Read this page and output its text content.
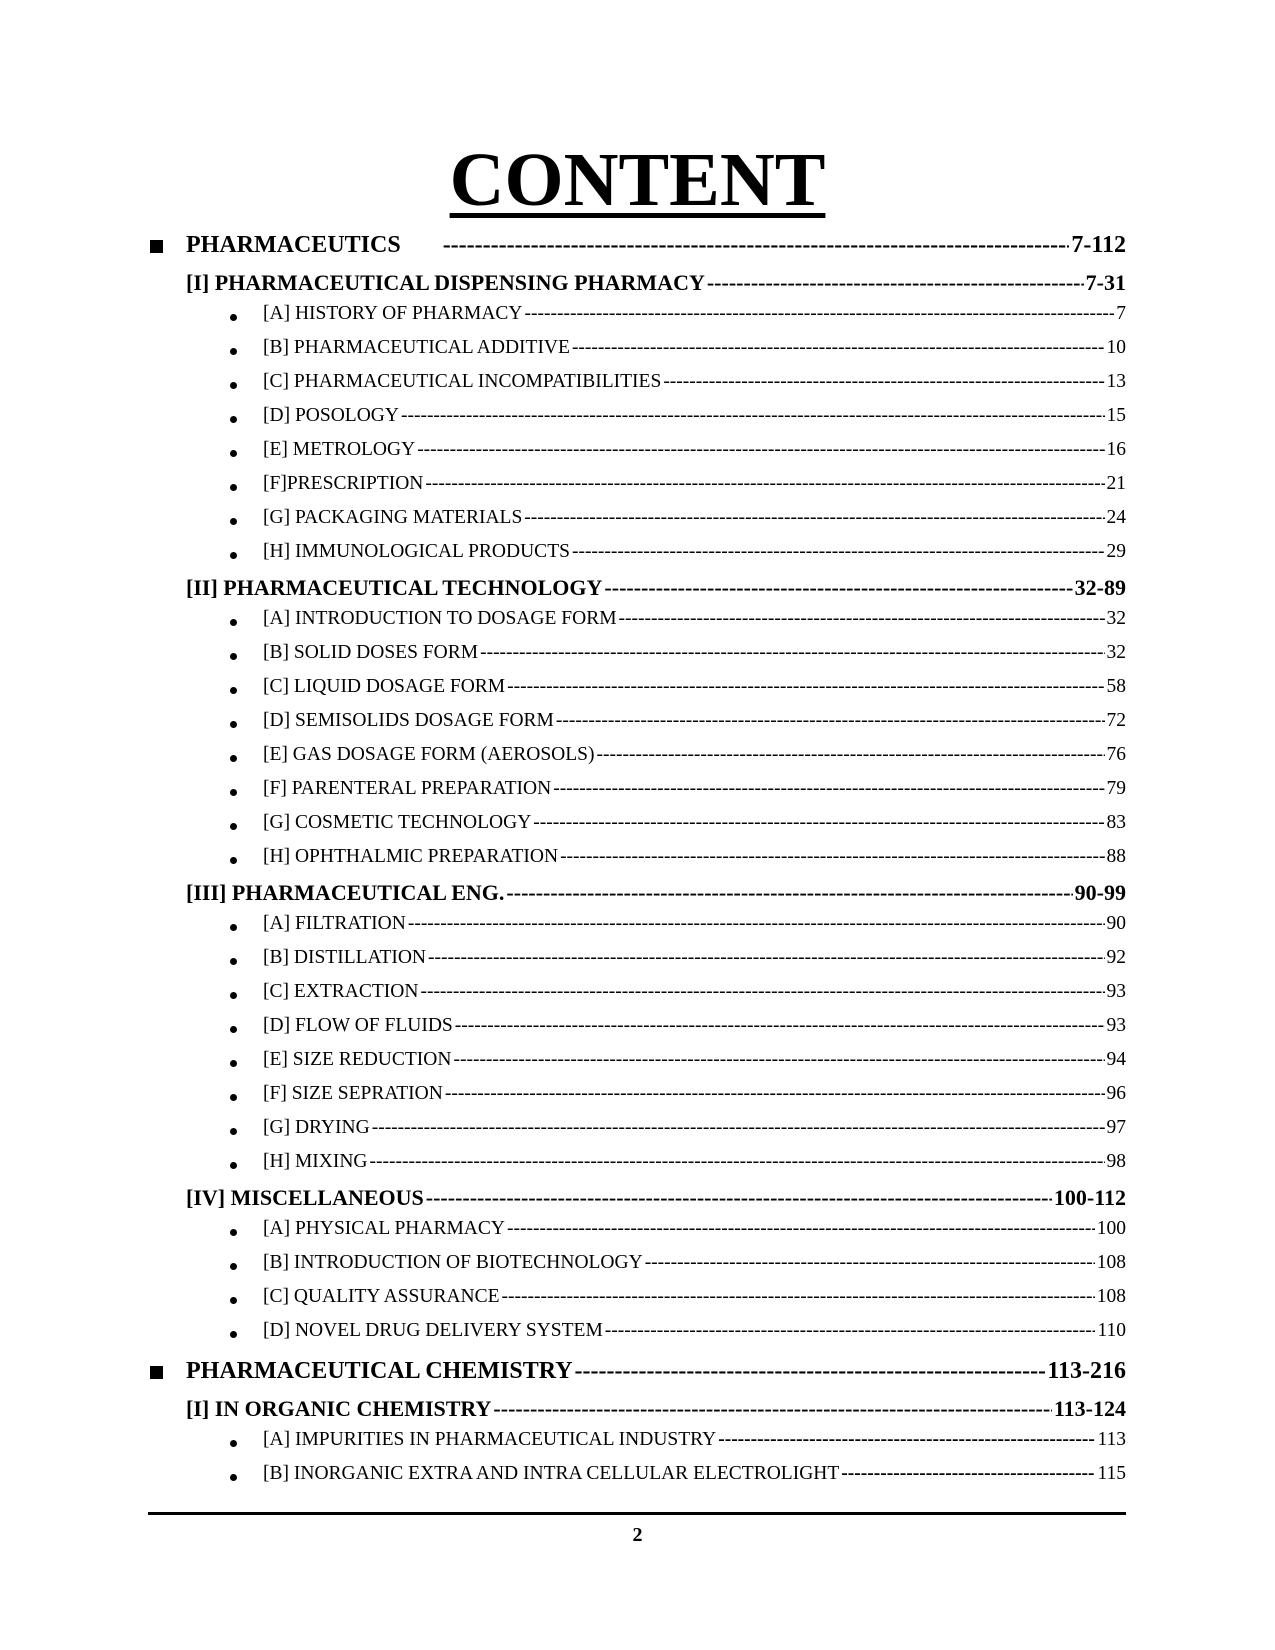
CONTENT
PHARMACEUTICS -----	7-112
[I] PHARMACEUTICAL DISPENSING PHARMACY -----	7-31
[A] HISTORY OF PHARMACY -----	7
[B] PHARMACEUTICAL ADDITIVE -----	10
[C] PHARMACEUTICAL INCOMPATIBILITIES -----	13
[D] POSOLOGY -----	15
[E] METROLOGY -----	16
[F]PRESCRIPTION -----	21
[G] PACKAGING MATERIALS -----	24
[H] IMMUNOLOGICAL PRODUCTS -----	29
[II] PHARMACEUTICAL TECHNOLOGY -----	32-89
[A] INTRODUCTION TO DOSAGE FORM -----	32
[B] SOLID DOSES FORM -----	32
[C] LIQUID DOSAGE FORM -----	58
[D] SEMISOLIDS DOSAGE FORM -----	72
[E] GAS DOSAGE FORM (AEROSOLS) -----	76
[F] PARENTERAL PREPARATION -----	79
[G] COSMETIC TECHNOLOGY -----	83
[H] OPHTHALMIC PREPARATION -----	88
[III] PHARMACEUTICAL ENG. -----	90-99
[A] FILTRATION -----	90
[B] DISTILLATION -----	92
[C] EXTRACTION -----	93
[D] FLOW OF FLUIDS -----	93
[E] SIZE REDUCTION -----	94
[F] SIZE SEPRATION -----	96
[G] DRYING -----	97
[H] MIXING -----	98
[IV] MISCELLANEOUS -----	100-112
[A] PHYSICAL PHARMACY -----	100
[B] INTRODUCTION OF BIOTECHNOLOGY -----	108
[C] QUALITY ASSURANCE -----	108
[D] NOVEL DRUG DELIVERY SYSTEM -----	110
PHARMACEUTICAL CHEMISTRY -----	113-216
[I] IN ORGANIC CHEMISTRY -----	113-124
[A] IMPURITIES IN PHARMACEUTICAL INDUSTRY -----	113
[B] INORGANIC EXTRA AND INTRA CELLULAR ELECTROLIGHT -----	115
2
